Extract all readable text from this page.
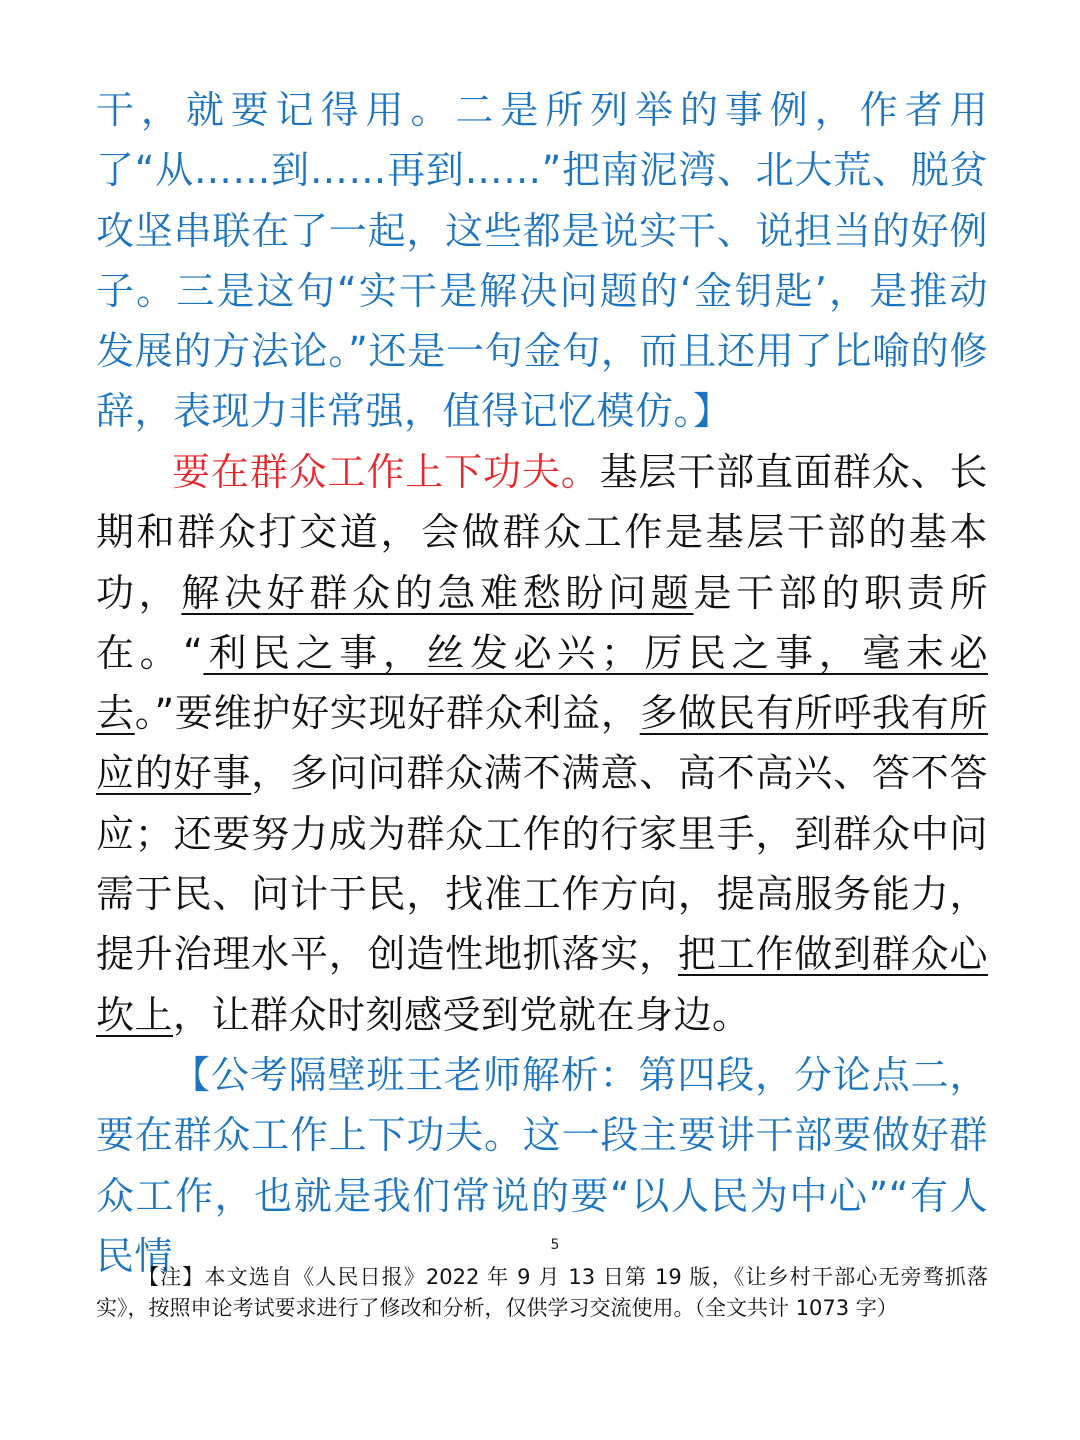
干，就要记得用。二是所列举的事例，作者用了“从……到……再到……”把南泥湾、北大荒、脱贫攻坚串联在了一起，这些都是说实干、说担当的好例子。三是这句“实干是解决问题的‘金钥匙’，是推动发展的方法论。”还是一句金句，而且还用了比喻的修辞，表现力非常强，值得记忆模仿。】

要在群众工作上下功夫。基层干部直面群众、长期和群众打交道，会做群众工作是基层干部的基本功，解决好群众的急难愁盼问题是干部的职责所在。“利民之事，丝发必兴；厉民之事，毫末必去。”要维护好实现好群众利益，多做民有所呼我有所应的好事，多问问群众满不满意、高不高兴、答不答应；还要努力成为群众工作的行家里手，到群众中问需于民、问计于民，找准工作方向，提高服务能力，提升治理水平，创造性地抓落实，把工作做到群众心坎上，让群众时刻感受到党就在身边。

【公考隔壁班王老师解析：第四段，分论点二，要在群众工作上下功夫。这一段主要讲干部要做好群众工作，也就是我们常说的要“以人民为中心”“有人民情	5

【注】本文选自《人民日报》2022 年 9 月 13 日第 19 版，《让乡村干部心无旁骛抓落实》，按照申论考试要求进行了修改和分析，仅供学习交流使用。（全文共计 1073 字）
